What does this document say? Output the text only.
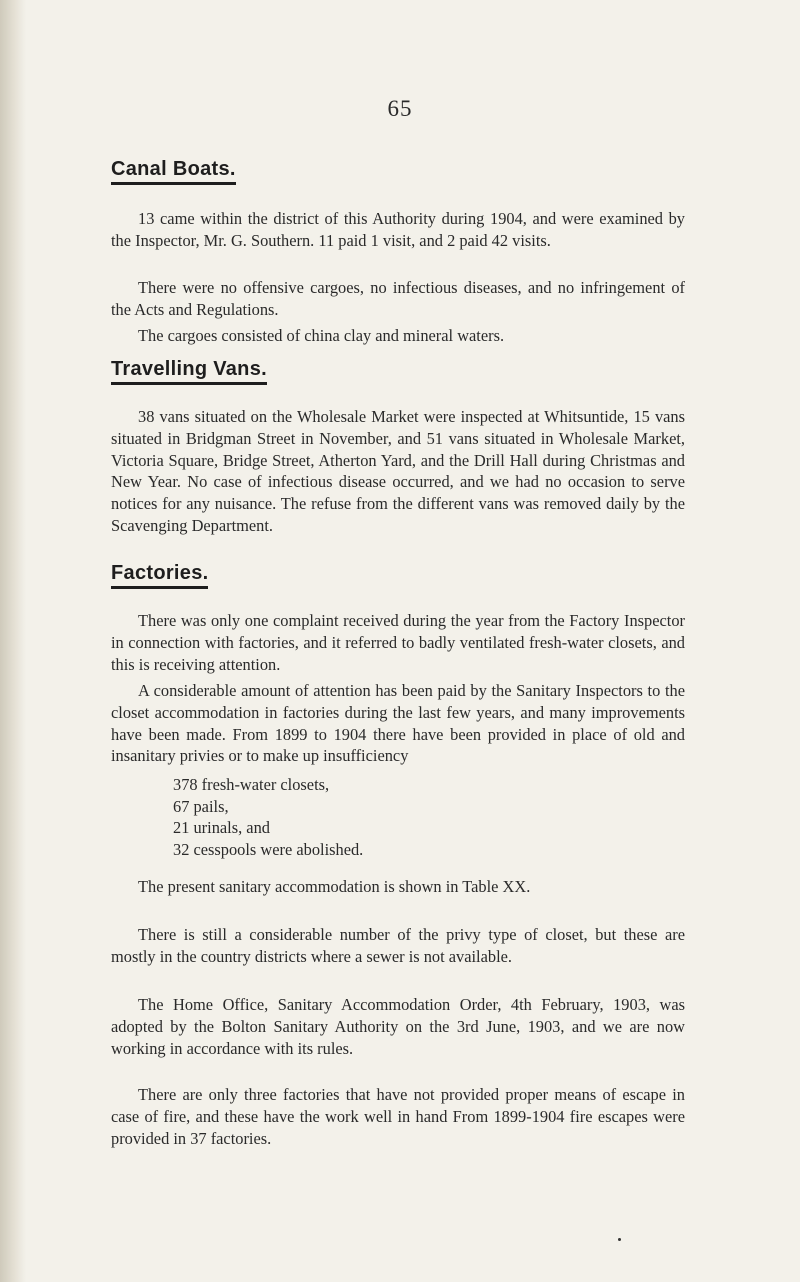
65
Canal Boats.
13 came within the district of this Authority during 1904, and were examined by the Inspector, Mr. G. Southern. 11 paid 1 visit, and 2 paid 42 visits.
There were no offensive cargoes, no infectious diseases, and no infringement of the Acts and Regulations.
The cargoes consisted of china clay and mineral waters.
Travelling Vans.
38 vans situated on the Wholesale Market were inspected at Whitsuntide, 15 vans situated in Bridgman Street in November, and 51 vans situated in Wholesale Market, Victoria Square, Bridge Street, Atherton Yard, and the Drill Hall during Christmas and New Year. No case of infectious disease occurred, and we had no occasion to serve notices for any nuisance. The refuse from the different vans was removed daily by the Scavenging Department.
Factories.
There was only one complaint received during the year from the Factory Inspector in connection with factories, and it referred to badly ventilated fresh-water closets, and this is receiving attention.
A considerable amount of attention has been paid by the Sanitary Inspectors to the closet accommodation in factories during the last few years, and many improvements have been made. From 1899 to 1904 there have been provided in place of old and insanitary privies or to make up insufficiency
378 fresh-water closets,
67 pails,
21 urinals, and
32 cesspools were abolished.
The present sanitary accommodation is shown in Table XX.
There is still a considerable number of the privy type of closet, but these are mostly in the country districts where a sewer is not available.
The Home Office, Sanitary Accommodation Order, 4th February, 1903, was adopted by the Bolton Sanitary Authority on the 3rd June, 1903, and we are now working in accordance with its rules.
There are only three factories that have not provided proper means of escape in case of fire, and these have the work well in hand From 1899-1904 fire escapes were provided in 37 factories.
